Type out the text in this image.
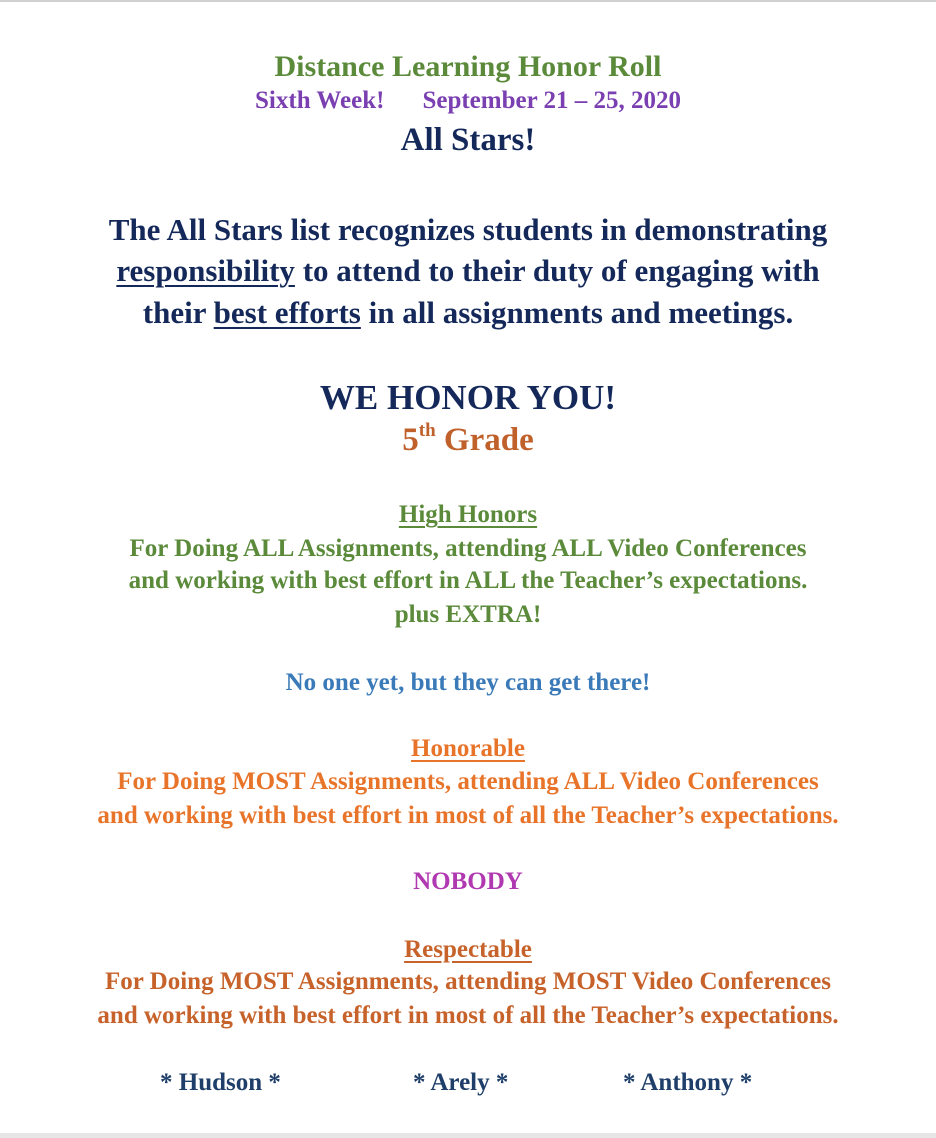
Distance Learning Honor Roll
Sixth Week! September 21 – 25, 2020
All Stars!
The All Stars list recognizes students in demonstrating
responsibility to attend to their duty of engaging with
their best efforts in all assignments and meetings.
WE HONOR YOU!
5th Grade
High Honors
For Doing ALL Assignments, attending ALL Video Conferences
and working with best effort in ALL the Teacher’s expectations.
plus EXTRA!
No one yet, but they can get there!
Honorable
For Doing MOST Assignments, attending ALL Video Conferences
and working with best effort in most of all the Teacher’s expectations.
NOBODY
Respectable
For Doing MOST Assignments, attending MOST Video Conferences
and working with best effort in most of all the Teacher’s expectations.
* Hudson *	* Arely *	* Anthony *
